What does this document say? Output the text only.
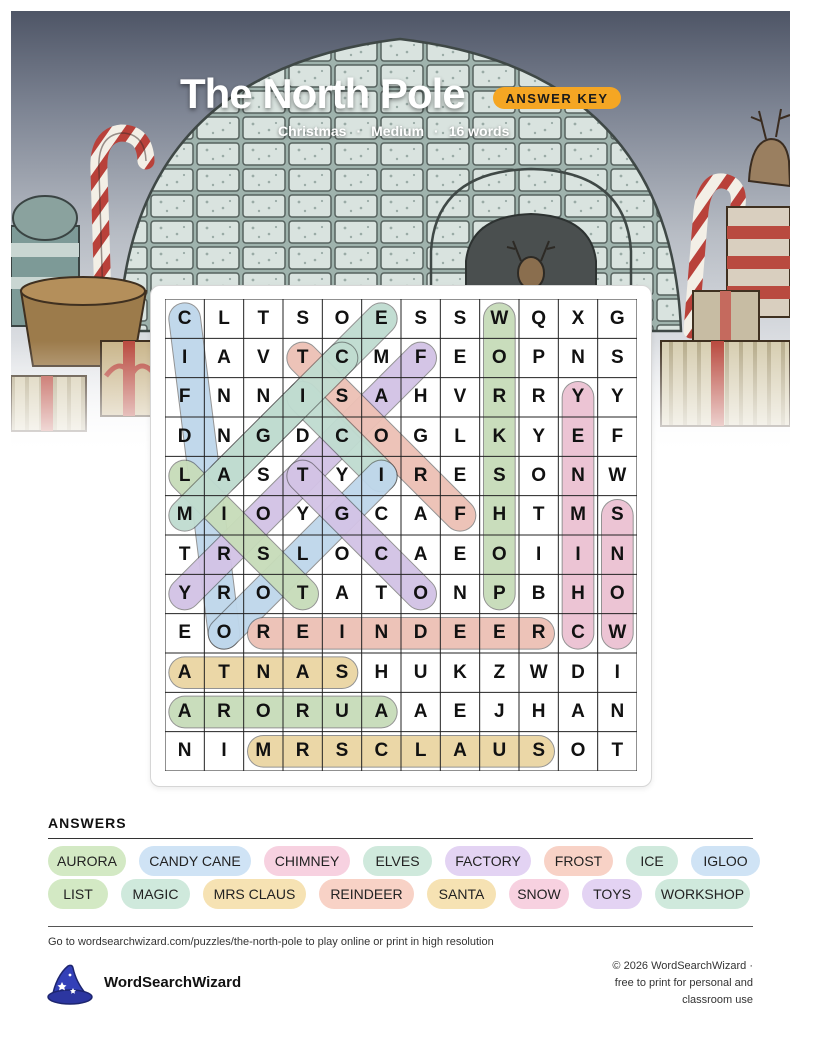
The North Pole	ANSWER KEY
Christmas · Medium · 16 words
C	L	T	S	O	E	S	S	W	Q	X	G
I	A	V	T	C	M	F	E	O	P	N	S
F	N	N	I	S	A	H	V	R	R	Y	Y
D	N	G	D	C	O	G	L	K	Y	E	F
L	A	S	T	Y	I	R	E	S	O	N	W
M	I	O	Y	G	C	A	F	H	T	M	S
T	R	S	L	O	C	A	E	O	I	I	N
Y	R	O	T	A	T	O	N	P	B	H	O
E	O	R	E	I	N	D	E	E	R	C	W
A	T	N	A	S	H	U	K	Z	W	D	I
A	R	O	R	U	A	A	E	J	H	A	N
N	I	M	R	S	C	L	A	U	S	O	T
ANSWERS
AURORA	CANDY CANE	CHIMNEY	ELVES	FACTORY	FROST	ICE	IGLOO
LIST	MAGIC	MRS CLAUS	REINDEER	SANTA	SNOW	TOYS	WORKSHOP
Go to wordsearchwizard.com/puzzles/the-north-pole to play online or print in high resolution
WordSearchWizard
© 2026 WordSearchWizard ·
free to print for personal and
classroom use
